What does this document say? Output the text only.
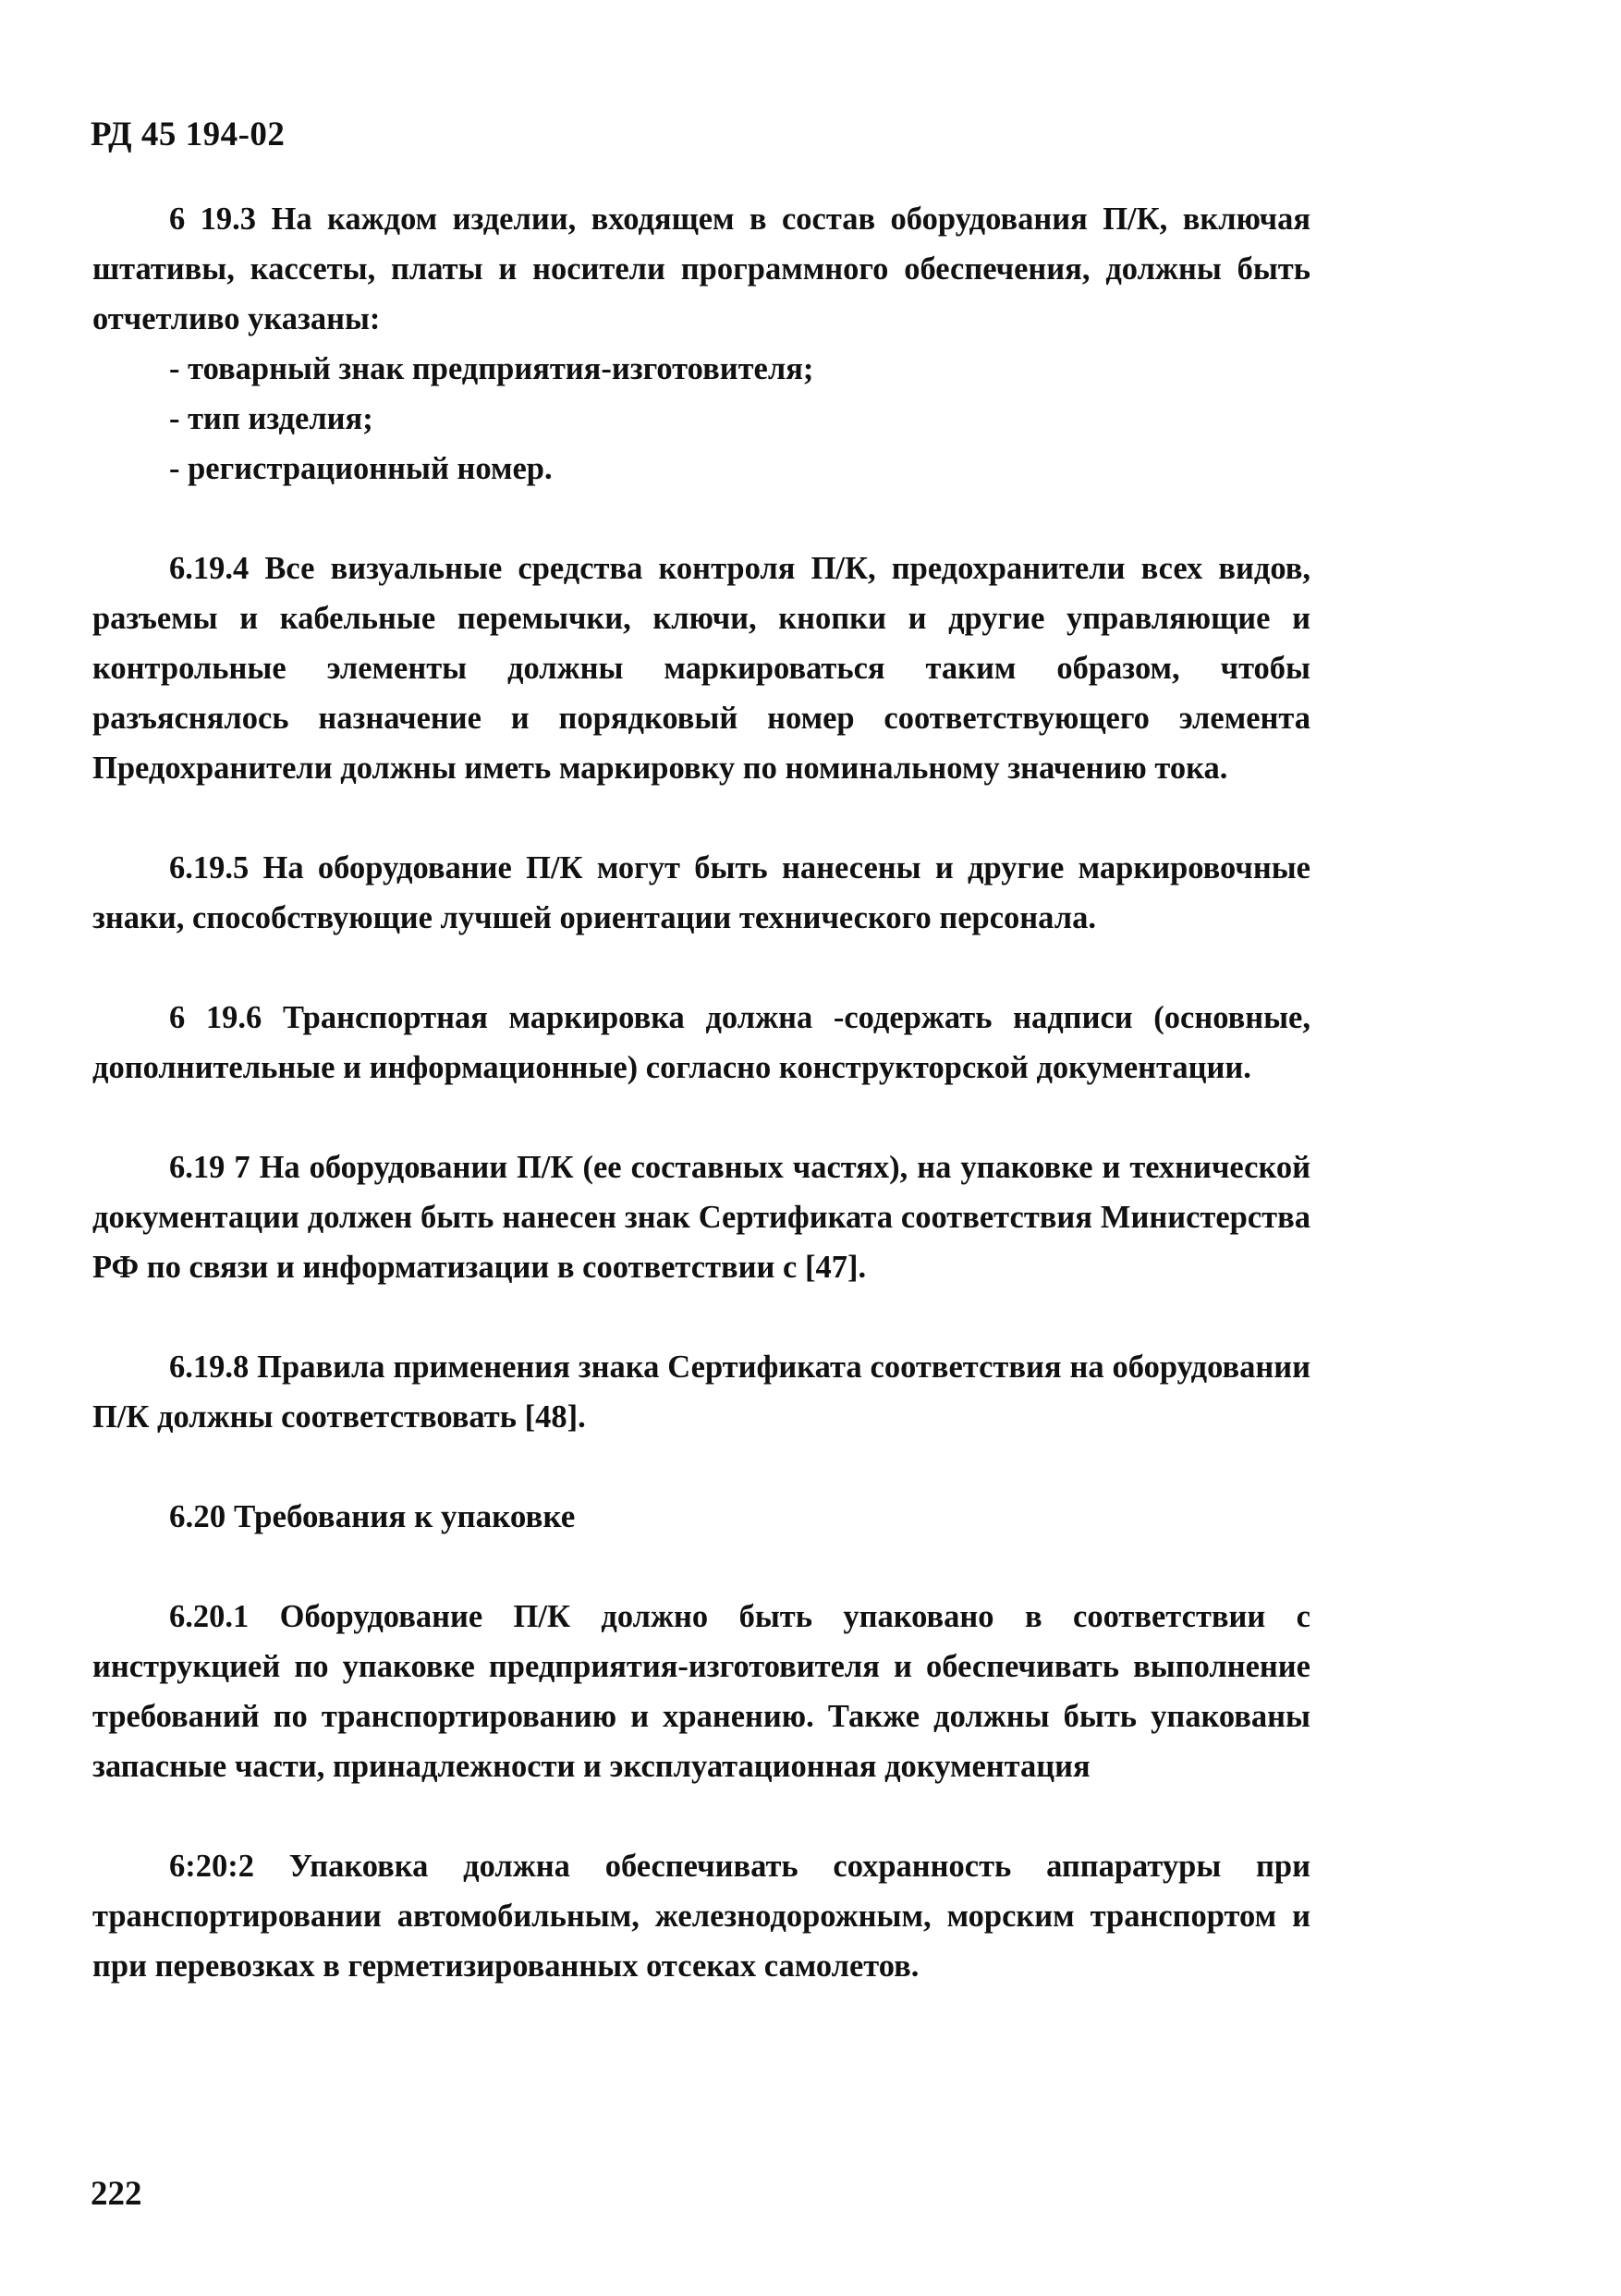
РД 45 194-02

6 19.3 На каждом изделии, входящем в состав оборудования П/К, включая штативы, кассеты, платы и носители программного обеспечения, должны быть отчетливо указаны:

- товарный знак предприятия-изготовителя;
- тип изделия;
- регистрационный номер.

6.19.4 Все визуальные средства контроля П/К, предохранители всех видов, разъемы и кабельные перемычки, ключи, кнопки и другие управляющие и контрольные элементы должны маркироваться таким образом, чтобы разъяснялось назначение и порядковый номер соответствующего элемента Предохранители должны иметь маркировку по номинальному значению тока.

6.19.5 На оборудование П/К могут быть нанесены и другие маркировочные знаки, способствующие лучшей ориентации технического персонала.

6 19.6 Транспортная маркировка должна -содержать надписи (основные, дополнительные и информационные) согласно конструкторской документации.

6.19 7 На оборудовании П/К (ее составных частях), на упаковке и технической документации должен быть нанесен знак Сертификата соответствия Министерства РФ по связи и информатизации в соответствии с [47].

6.19.8 Правила применения знака Сертификата соответствия на оборудовании П/К должны соответствовать [48].

6.20 Требования к упаковке

6.20.1 Оборудование П/К должно быть упаковано в соответствии с инструкцией по упаковке предприятия-изготовителя и обеспечивать выполнение требований по транспортированию и хранению. Также должны быть упакованы запасные части, принадлежности и эксплуатационная документация

6:20:2 Упаковка должна обеспечивать сохранность аппаратуры при транспортировании автомобильным, железнодорожным, морским транспортом и при перевозках в герметизированных отсеках самолетов.

222
